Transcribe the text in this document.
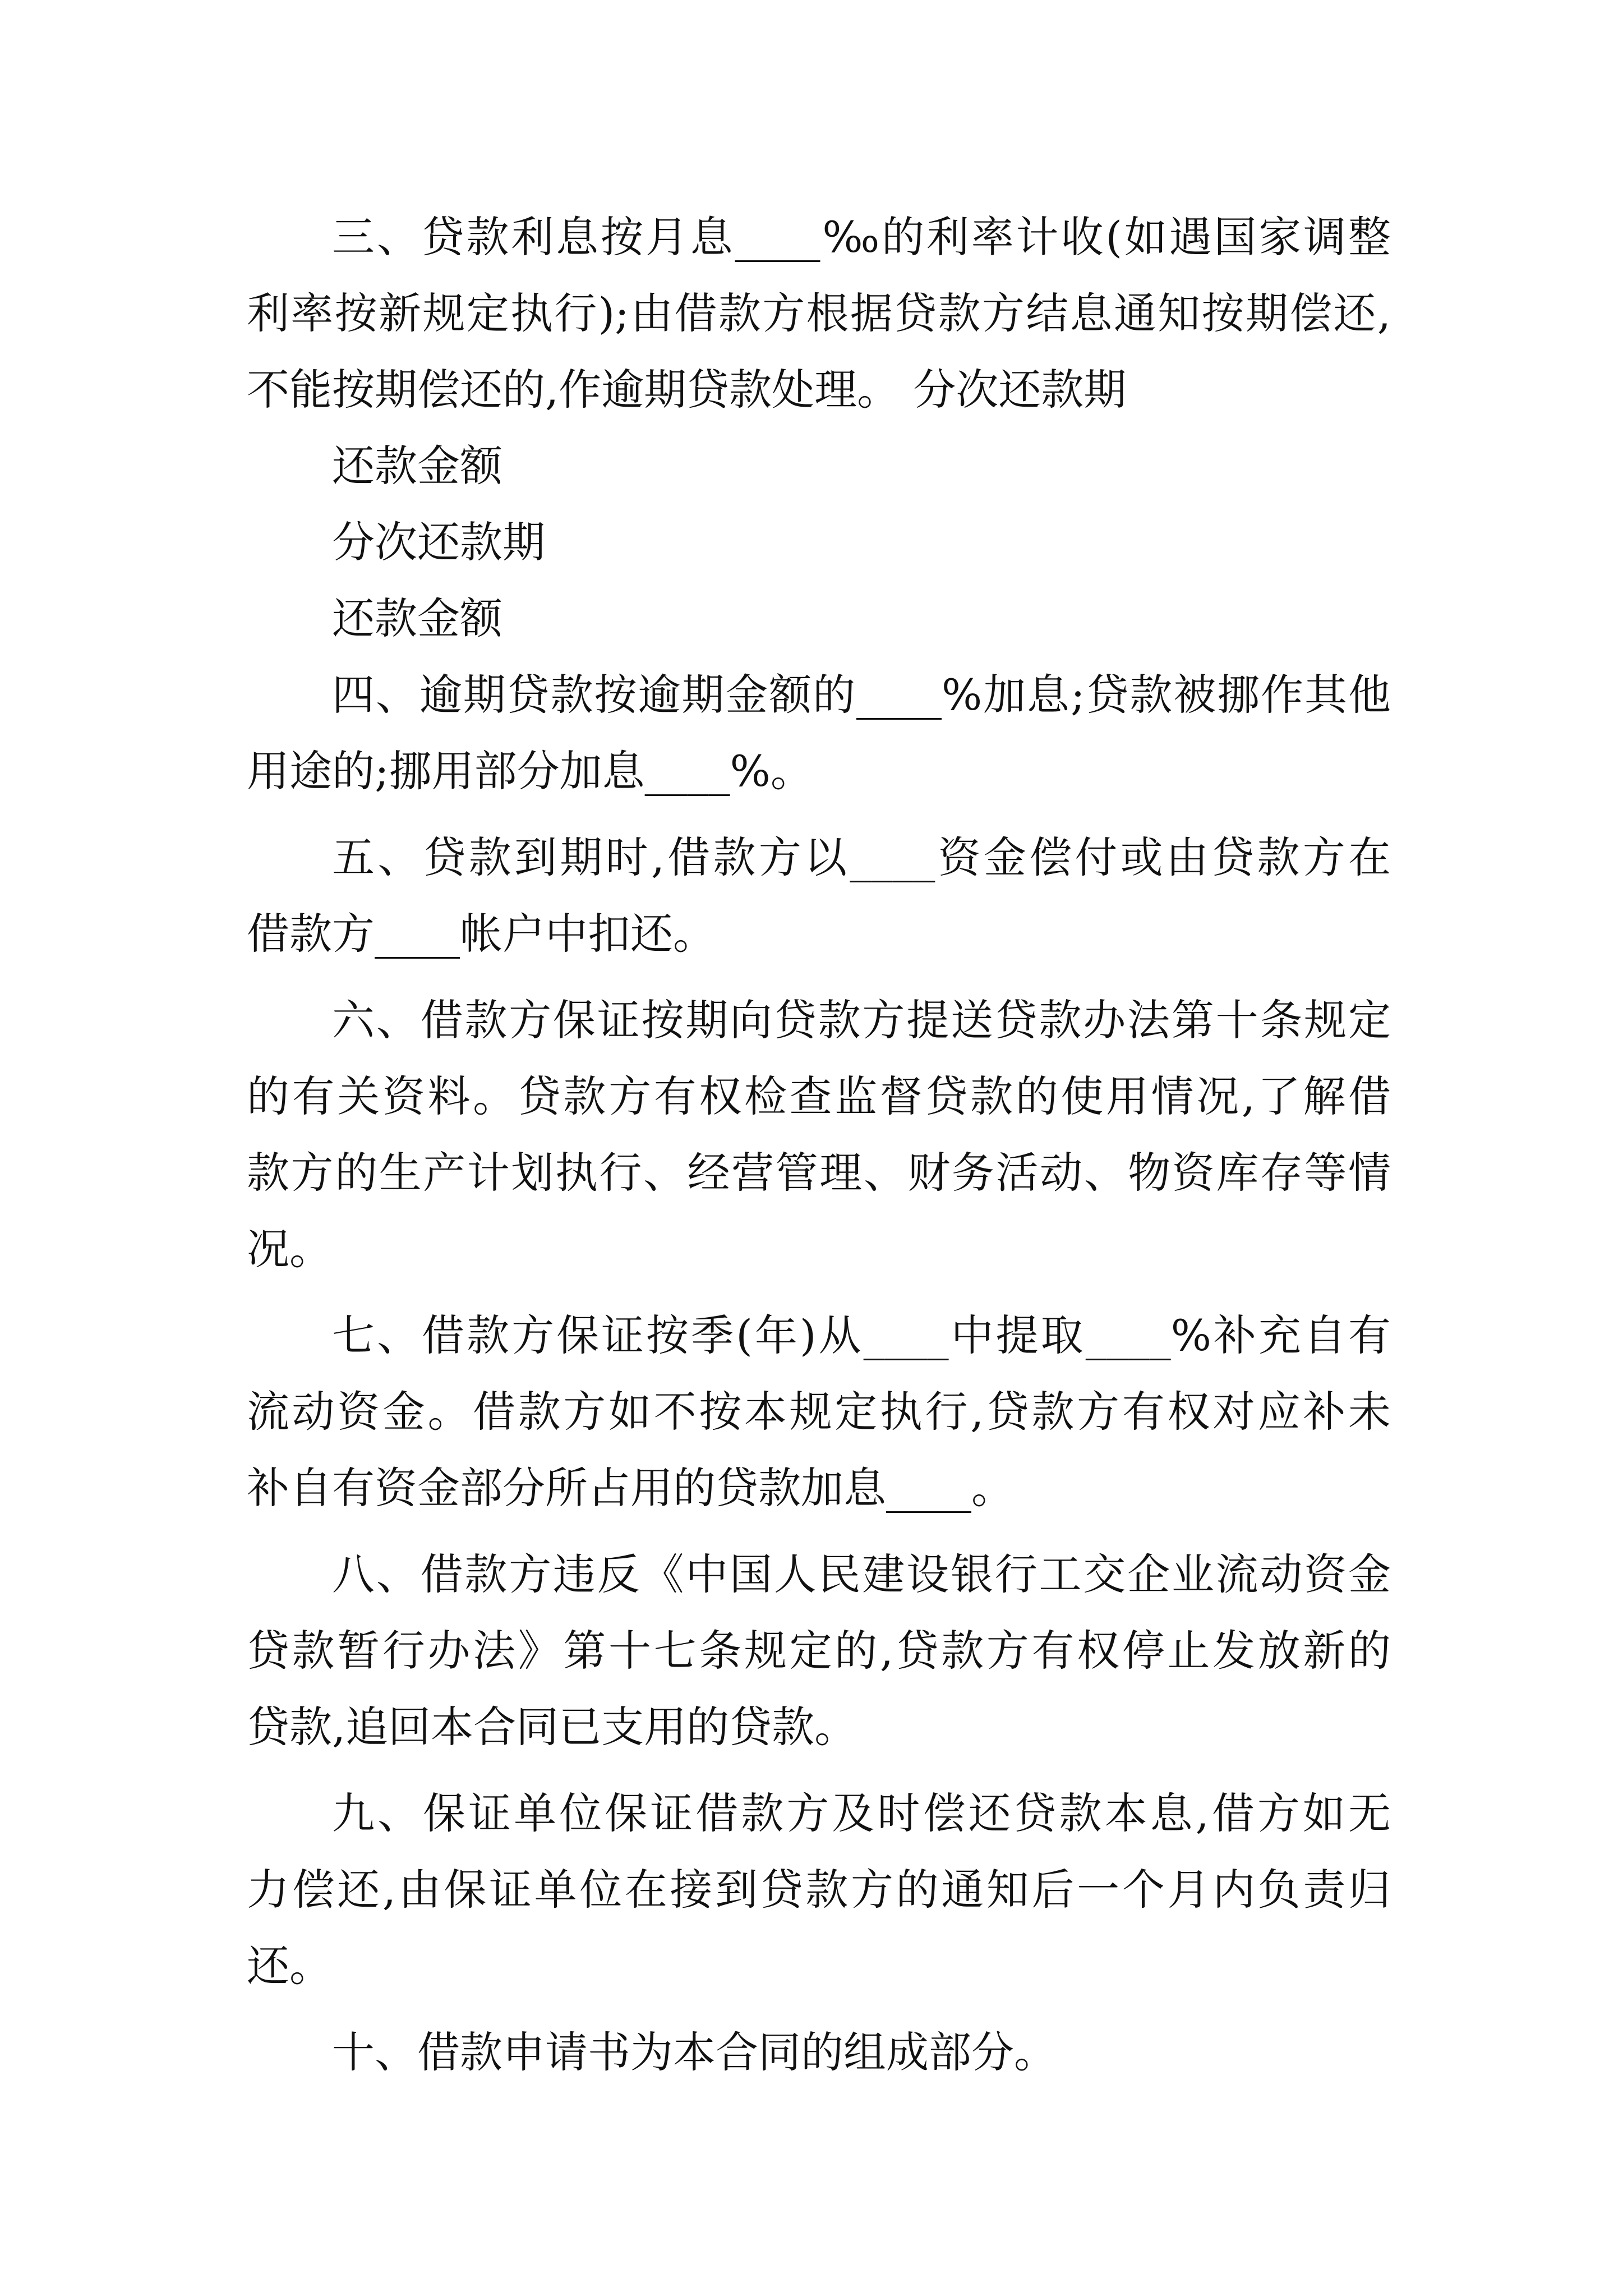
三、贷款利息按月息____‰的利率计收(如遇国家调整
利率按新规定执行);由借款方根据贷款方结息通知按期偿还,
不能按期偿还的,作逾期贷款处理。 分次还款期
还款金额
分次还款期
还款金额
四、逾期贷款按逾期金额的____%加息;贷款被挪作其他
用途的;挪用部分加息____%。
五、贷款到期时,借款方以____资金偿付或由贷款方在
借款方____帐户中扣还。
六、借款方保证按期向贷款方提送贷款办法第十条规定
的有关资料。贷款方有权检查监督贷款的使用情况,了解借
款方的生产计划执行、经营管理、财务活动、物资库存等情
况。
七、借款方保证按季(年)从____中提取____%补充自有
流动资金。借款方如不按本规定执行,贷款方有权对应补未
补自有资金部分所占用的贷款加息____。
八、借款方违反《中国人民建设银行工交企业流动资金
贷款暂行办法》第十七条规定的,贷款方有权停止发放新的
贷款,追回本合同已支用的贷款。
九、保证单位保证借款方及时偿还贷款本息,借方如无
力偿还,由保证单位在接到贷款方的通知后一个月内负责归
还。
十、借款申请书为本合同的组成部分。
